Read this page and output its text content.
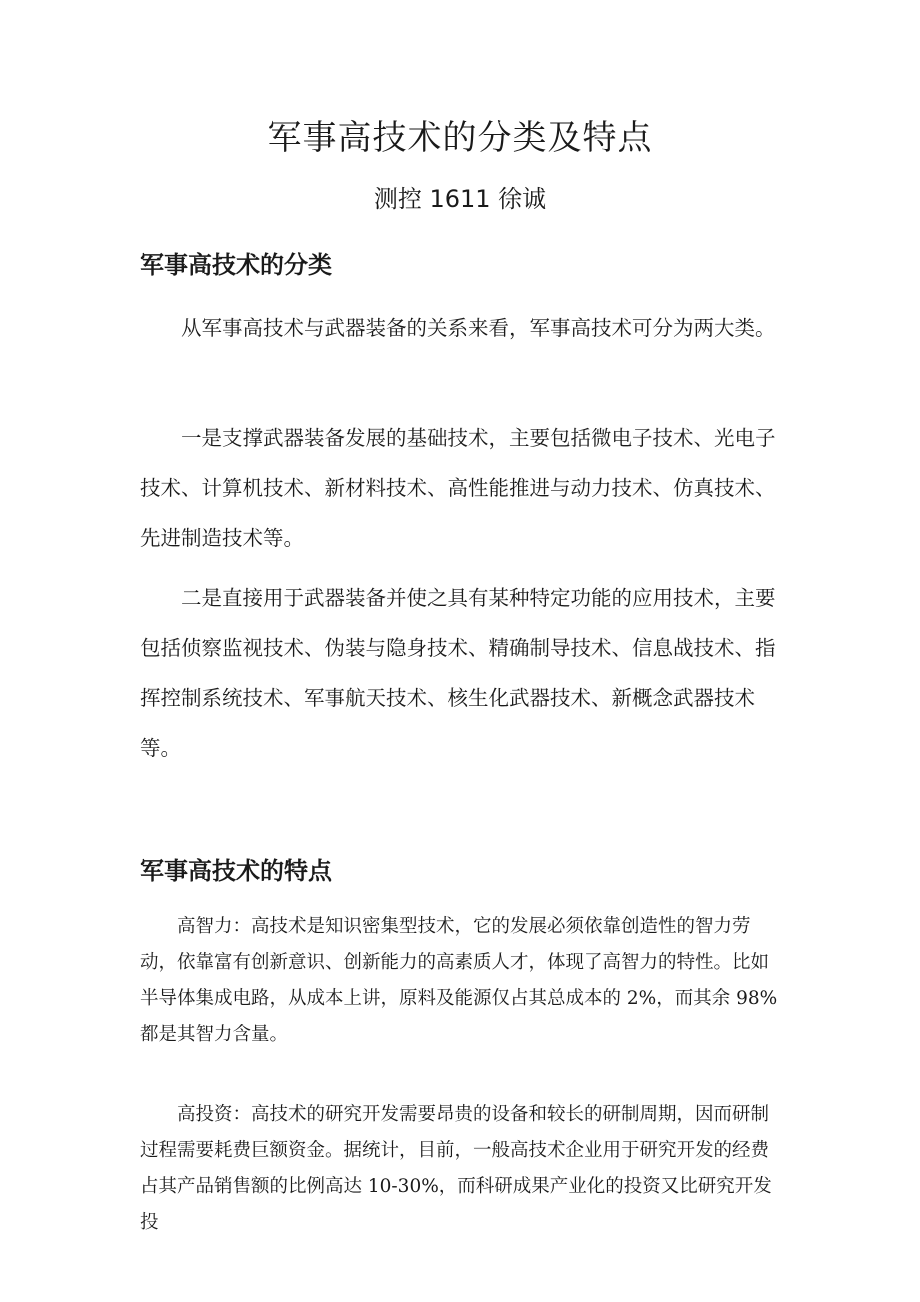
军事高技术的分类及特点

测控 1611 徐诚

军事高技术的分类

从军事高技术与武器装备的关系来看，军事高技术可分为两大类。

一是支撑武器装备发展的基础技术，主要包括微电子技术、光电子技术、计算机技术、新材料技术、高性能推进与动力技术、仿真技术、先进制造技术等。

二是直接用于武器装备并使之具有某种特定功能的应用技术，主要包括侦察监视技术、伪装与隐身技术、精确制导技术、信息战技术、指挥控制系统技术、军事航天技术、核生化武器技术、新概念武器技术等。

军事高技术的特点

高智力：高技术是知识密集型技术，它的发展必须依靠创造性的智力劳动，依靠富有创新意识、创新能力的高素质人才，体现了高智力的特性。比如半导体集成电路，从成本上讲，原料及能源仅占其总成本的 2%，而其余 98%都是其智力含量。

高投资：高技术的研究开发需要昂贵的设备和较长的研制周期，因而研制过程需要耗费巨额资金。据统计，目前，一般高技术企业用于研究开发的经费占其产品销售额的比例高达 10-30%，而科研成果产业化的投资又比研究开发投
